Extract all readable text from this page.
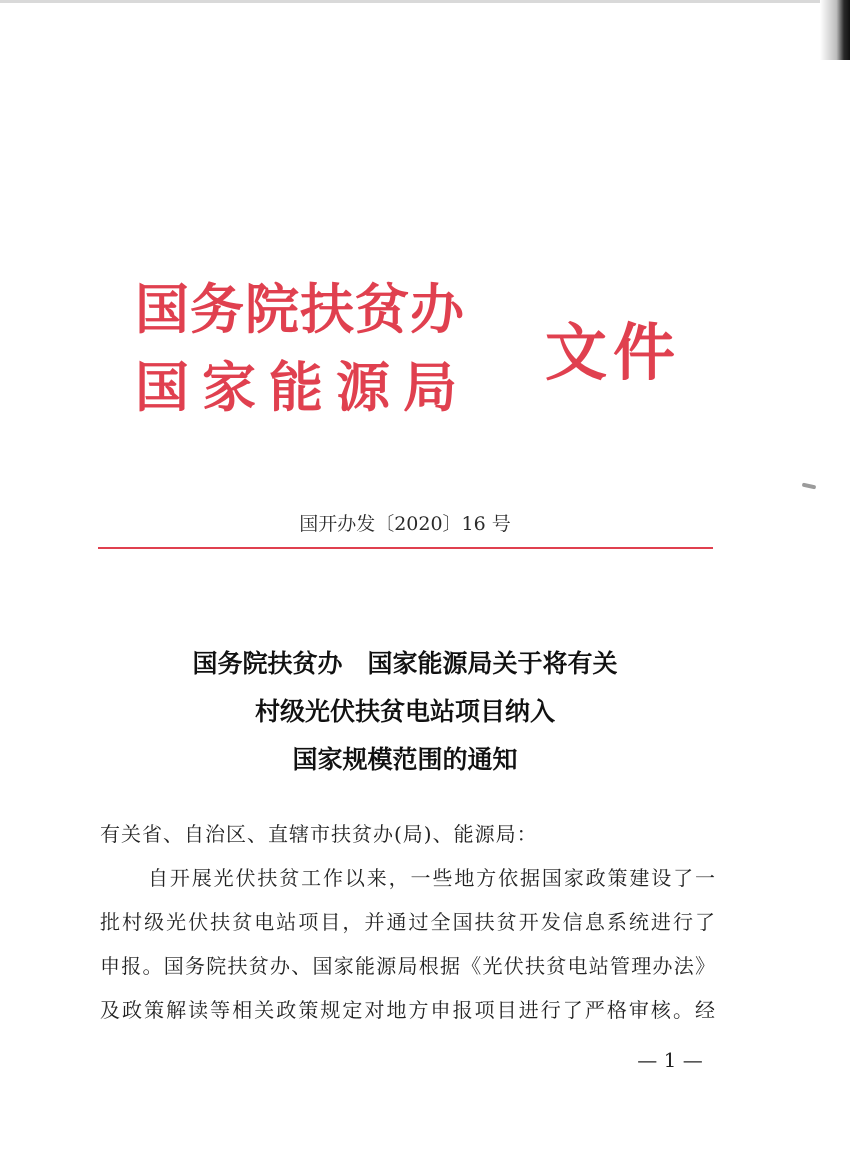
国务院扶贫办
国家能源局 文件
国开办发〔2020〕16 号
国务院扶贫办　国家能源局关于将有关
村级光伏扶贫电站项目纳入
国家规模范围的通知
有关省、自治区、直辖市扶贫办(局)、能源局：
自开展光伏扶贫工作以来，一些地方依据国家政策建设了一
批村级光伏扶贫电站项目，并通过全国扶贫开发信息系统进行了
申报。国务院扶贫办、国家能源局根据《光伏扶贫电站管理办法》
及政策解读等相关政策规定对地方申报项目进行了严格审核。经
— 1 —
